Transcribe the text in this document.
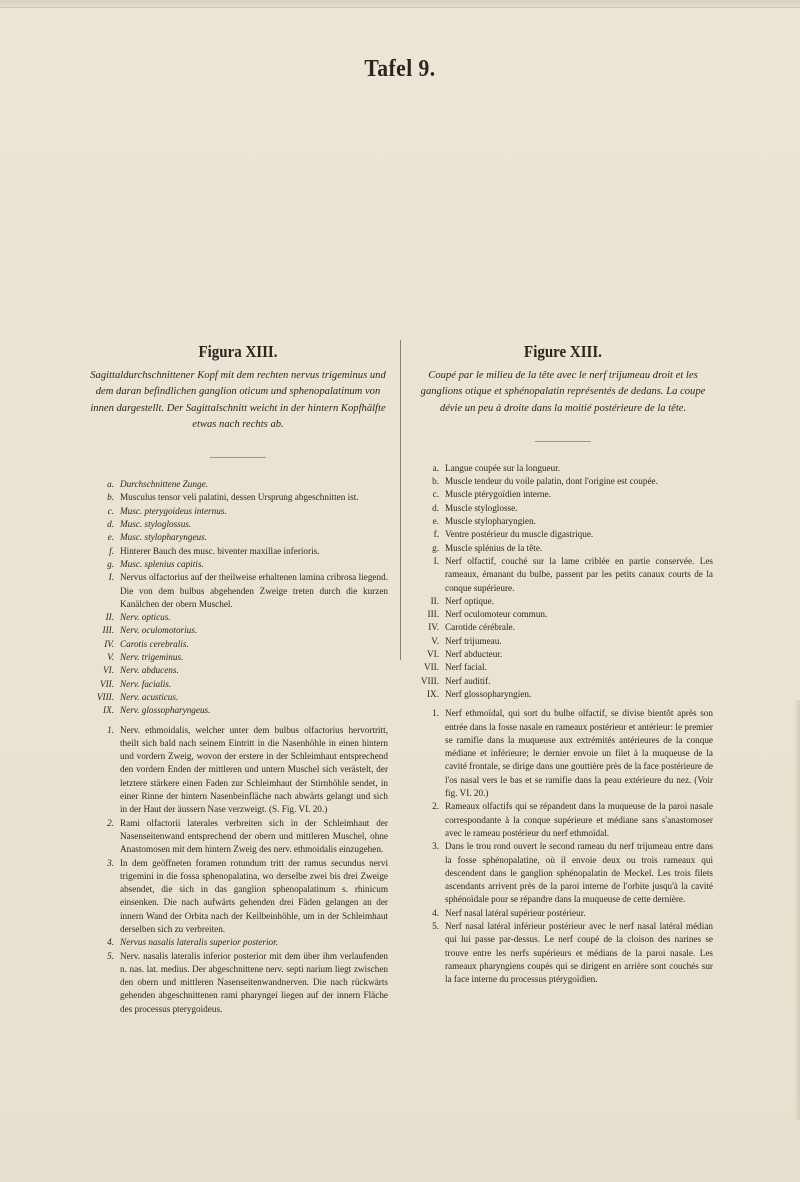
Tafel 9.
Figura XIII.

Sagittaldurchschnittener Kopf mit dem rechten nervus trigeminus und dem daran befindlichen ganglion oticum und sphenopalatinum von innen dargestellt. Der Sagittalschnitt weicht in der hintern Kopfhälfte etwas nach rechts ab.

a. Durchschnittene Zunge.
b. Musculus tensor veli palatini, dessen Ursprung abgeschnitten ist.
c. Musc. pterygoideus internus.
d. Musc. styloglossus.
e. Musc. stylopharyngeus.
f. Hinterer Bauch des musc. biventer maxillae inferioris.
g. Musc. splenius capitis.
I. Nervus olfactorius auf der theilweise erhaltenen lamina cribrosa liegend. Die von dem bulbus abgehenden Zweige treten durch die kurzen Kanälchen der obern Muschel.
II. Nerv. opticus.
III. Nerv. oculomotorius.
IV. Carotis cerebralis.
V. Nerv. trigeminus.
VI. Nerv. abducens.
VII. Nerv. facialis.
VIII. Nerv. acusticus.
IX. Nerv. glossopharyngeus.
1. Nerv. ethmoidalis, welcher unter dem bulbus olfactorius hervortritt, theilt sich bald nach seinem Eintritt in die Nasenhöhle in einen hintern und vordern Zweig, wovon der erstere in der Schleimhaut entsprechend den vordern Enden der mittleren und untern Muschel sich verästelt, der letztere stärkere einen Faden zur Schleimhaut der Stirnhöhle sendet, in einer Rinne der hintern Nasenbeinfläche nach abwärts gelangt und sich in der Haut der äussern Nase verzweigt. (S. Fig. VI. 20.)
2. Rami olfactorii laterales verbreiten sich in der Schleimhaut der Nasenseitenwand entsprechend der obern und mittleren Muschel, ohne Anastomosen mit dem hintern Zweig des nerv. ethmoidalis einzugehen.
3. In dem geöffneten foramen rotundum tritt der ramus secundus nervi trigemini in die fossa sphenopalatina, wo derselbe zwei bis drei Zweige absendet, die sich in das ganglion sphenopalatinum s. rhinicum einsenken. Die nach aufwärts gehenden drei Fäden gelangen an der innern Wand der Orbita nach der Keilbeinhöhle, um in der Schleimhaut derselben sich zu verbreiten.
4. Nervus nasalis lateralis superior posterior.
5. Nerv. nasalis lateralis inferior posterior mit dem über ihm verlaufenden n. nas. lat. medius. Der abgeschnittene nerv. septi narium liegt zwischen den obern und mittleren Nasenseitenwandnerven. Die nach rückwärts gehenden abgeschnittenen rami pharyngei liegen auf der innern Fläche des processus pterygoideus.
Figure XIII.

Coupé par le milieu de la tête avec le nerf trijumeau droit et les ganglions otique et sphénopalatin représentés de dedans. La coupe dévie un peu à droite dans la moitié postérieure de la tête.

a. Langue coupée sur la longueur.
b. Muscle tendeur du voile palatin, dont l'origine est coupée.
c. Muscle ptérygoïdien interne.
d. Muscle styloglosse.
e. Muscle stylopharyngien.
f. Ventre postérieur du muscle digastrique.
g. Muscle splénius de la tête.
I. Nerf olfactif, couché sur la lame criblée en partie conservée. Les rameaux, émanant du bulbe, passent par les petits canaux courts de la conque supérieure.
II. Nerf optique.
III. Nerf oculomoteur commun.
IV. Carotide cérébrale.
V. Nerf trijumeau.
VI. Nerf abducteur.
VII. Nerf facial.
VIII. Nerf auditif.
IX. Nerf glossopharyngien.
1. Nerf ethmoïdal, qui sort du bulbe olfactif, se divise bientôt après son entrée dans la fosse nasale en rameaux postérieur et antérieur: le premier se ramifie dans la muqueuse aux extrémités antérieures de la conque médiane et inférieure; le dernier envoie un filet à la muqueuse de la cavité frontale, se dirige dans une gouttière près de la face postérieure de l'os nasal vers le bas et se ramifie dans la peau extérieure du nez. (Voir fig. VI. 20.)
2. Rameaux olfactifs qui se répandent dans la muqueuse de la paroi nasale correspondante à la conque supérieure et médiane sans s'anastomoser avec le rameau postérieur du nerf ethmoïdal.
3. Dans le trou rond ouvert le second rameau du nerf trijumeau entre dans la fosse sphénopalatine, où il envoie deux ou trois rameaux qui descendent dans le ganglion sphénopalatin de Meckel. Les trois filets ascendants arrivent près de la paroi interne de l'orbite jusqu'à la cavité sphénoïdale pour se répandre dans la muqueuse de cette dernière.
4. Nerf nasal latéral supérieur postérieur.
5. Nerf nasal latéral inférieur postérieur avec le nerf nasal latéral médian qui lui passe par-dessus. Le nerf coupé de la cloison des narines se trouve entre les nerfs supérieurs et médians de la paroi nasale. Les rameaux pharyngiens coupés qui se dirigent en arrière sont couchés sur la face interne du processus ptérygoïdien.
